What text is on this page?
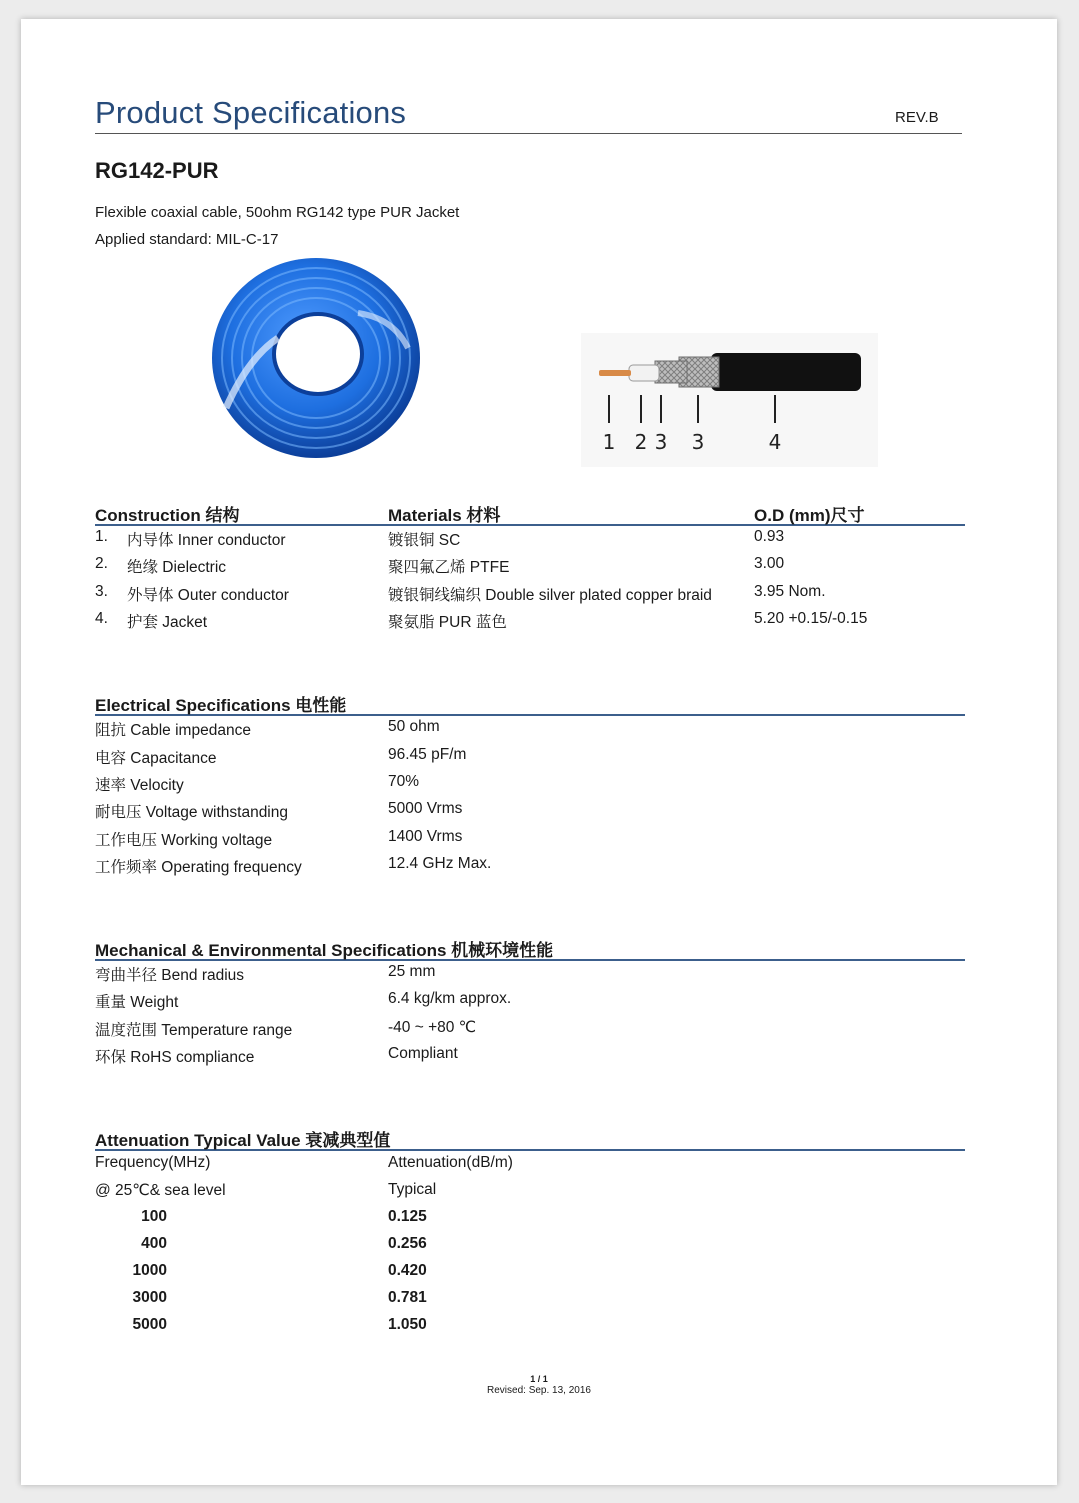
Product Specifications	REV.B
RG142-PUR
Flexible coaxial cable, 50ohm RG142 type PUR Jacket
Applied standard: MIL-C-17
1 2 3 3	4
Construction 结构	Materials 材料	O.D (mm)尺寸
1.	内导体 Inner conductor	镀银铜 SC	0.93
2.	绝缘 Dielectric	聚四氟乙烯 PTFE	3.00
3.	外导体 Outer conductor	镀银铜线编织 Double silver plated copper braid	3.95 Nom.
4.	护套 Jacket	聚氨脂 PUR 蓝色	5.20 +0.15/-0.15
Electrical Specifications 电性能
阻抗 Cable impedance	50 ohm
电容 Capacitance	96.45 pF/m
速率 Velocity	70%
耐电压 Voltage withstanding	5000 Vrms
工作电压 Working voltage	1400 Vrms
工作频率 Operating frequency	12.4 GHz Max.
Mechanical & Environmental Specifications 机械环境性能
弯曲半径 Bend radius	25 mm
重量 Weight	6.4 kg/km approx.
温度范围 Temperature range	-40 ~ +80 ℃
环保 RoHS compliance	Compliant
Attenuation Typical Value 衰减典型值
Frequency(MHz)	Attenuation(dB/m)
@ 25℃& sea level	Typical
100	0.125
400	0.256
1000	0.420
3000	0.781
5000	1.050
1 / 1
Revised: Sep. 13, 2016
